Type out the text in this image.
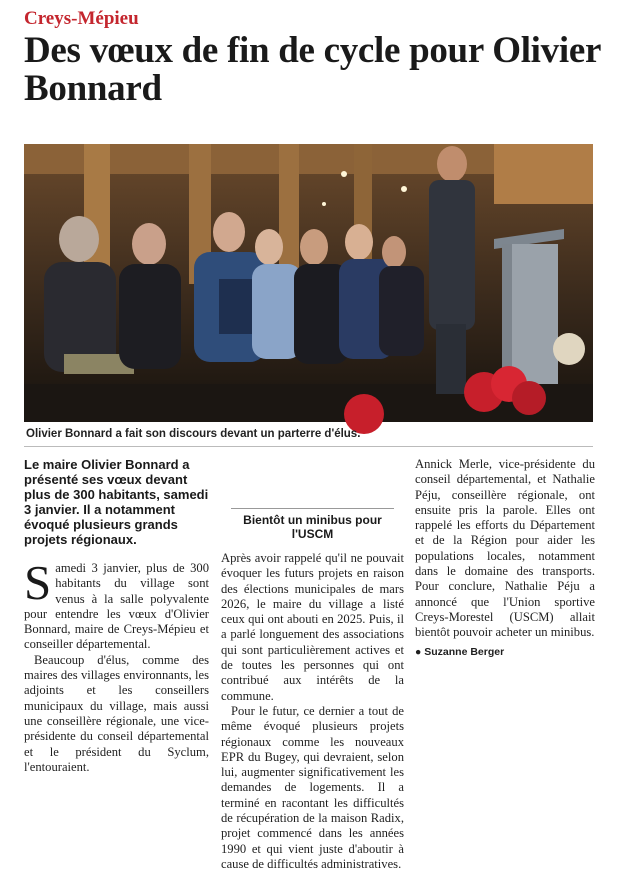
Creys-Mépieu
Des vœux de fin de cycle pour Olivier Bonnard
Olivier Bonnard a fait son discours devant un parterre d'élus.

Le maire Olivier Bonnard a présenté ses vœux devant plus de 300 habitants, samedi 3 janvier. Il a notamment évoqué plusieurs grands projets régionaux.

Samedi 3 janvier, plus de 300 habitants du village sont venus à la salle polyvalente pour entendre les vœux d'Olivier Bonnard, maire de Creys-Mépieu et conseiller départemental.

Beaucoup d'élus, comme des maires des villages environnants, les adjoints et les conseillers municipaux du village, mais aussi une conseillère régionale, une vice-présidente du conseil départemental et le président du Syclum, l'entouraient.

Bientôt un minibus pour l'USCM

Après avoir rappelé qu'il ne pouvait évoquer les futurs projets en raison des élections municipales de mars 2026, le maire du village a listé ceux qui ont abouti en 2025. Puis, il a parlé longuement des associations qui sont particulièrement actives et de toutes les personnes qui ont contribué aux intérêts de la commune.

Pour le futur, ce dernier a tout de même évoqué plusieurs projets régionaux comme les nouveaux EPR du Bugey, qui devraient, selon lui, augmenter significativement les demandes de logements. Il a terminé en racontant les difficultés de récupération de la maison Radix, projet commencé dans les années 1990 et qui vient juste d'aboutir à cause de difficultés administratives.

Annick Merle, vice-présidente du conseil départemental, et Nathalie Péju, conseillère régionale, ont ensuite pris la parole. Elles ont rappelé les efforts du Département et de la Région pour aider les populations locales, notamment dans le domaine des transports. Pour conclure, Nathalie Péju a annoncé que l'Union sportive Creys-Morestel (USCM) allait bientôt pouvoir acheter un minibus.

● Suzanne Berger
